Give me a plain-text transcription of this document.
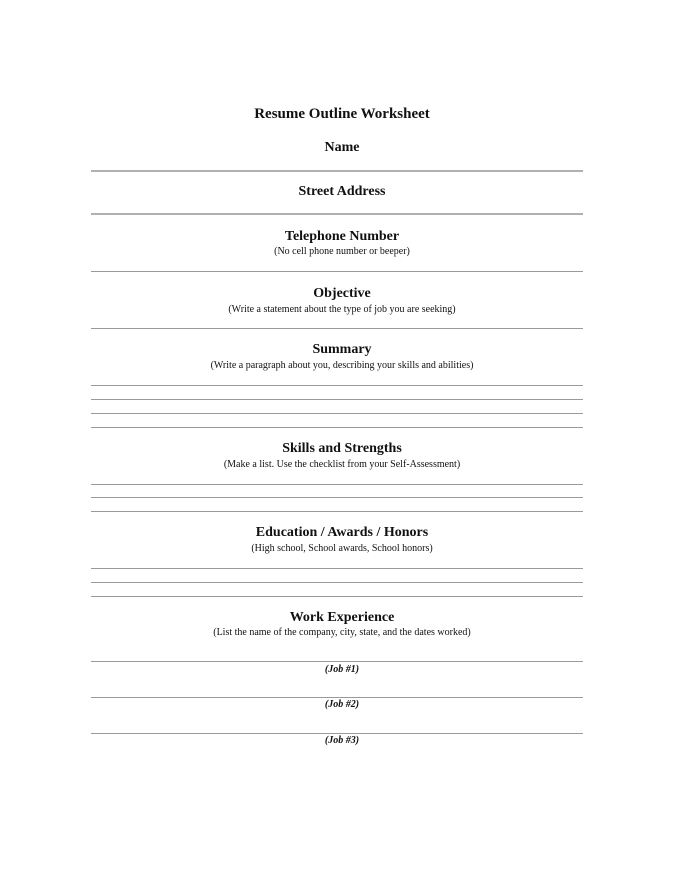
Resume Outline Worksheet
Name
Street Address
Telephone Number
(No cell phone number or beeper)
Objective
(Write a statement about the type of job you are seeking)
Summary
(Write a paragraph about you, describing your skills and abilities)
Skills and Strengths
(Make a list. Use the checklist from your Self-Assessment)
Education / Awards / Honors
(High school, School awards, School honors)
Work Experience
(List the name of the company, city, state, and the dates worked)
(Job #1)
(Job #2)
(Job #3)
